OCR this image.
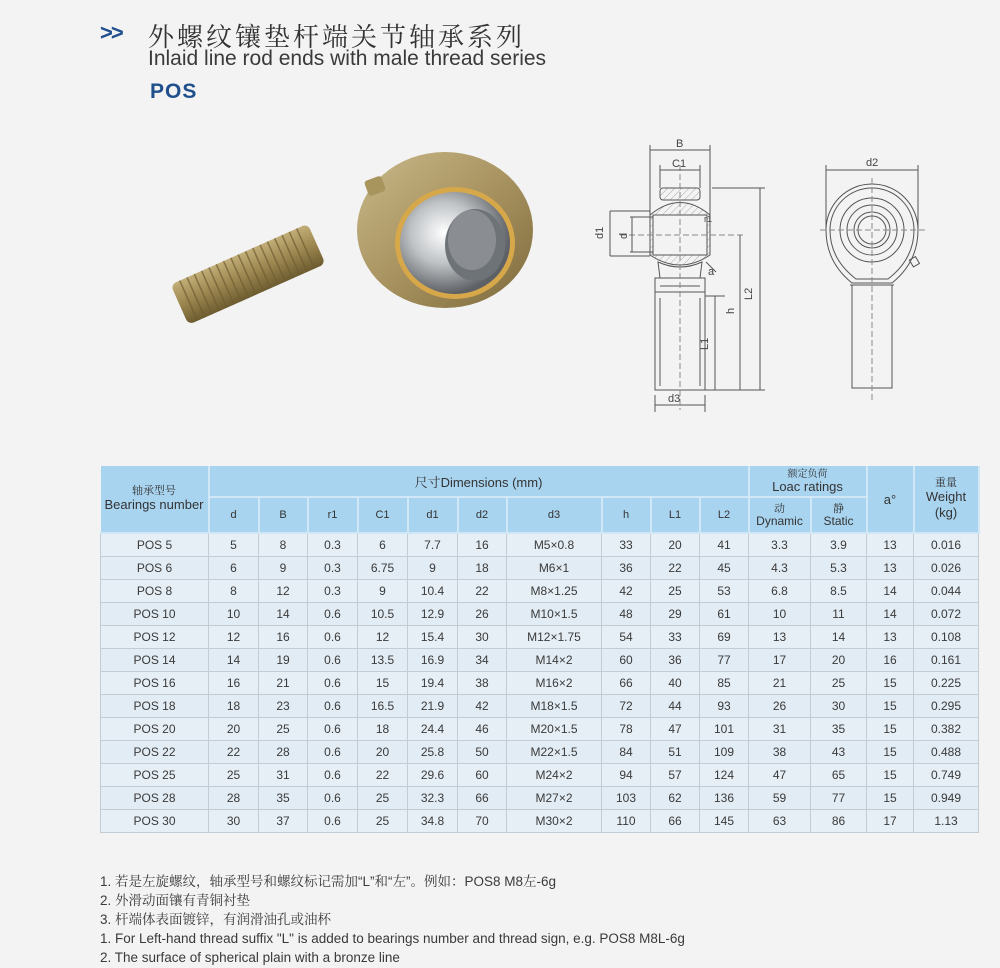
>> 外螺纹镶垫杆端关节轴承系列
Inlaid line rod ends with male thread series
POS
B
C1
r1
d1 d
a
h
L2
L1
d3
d2
轴承型号
Bearings number	尺寸Dimensions (mm)										额定负荷
Loac ratings		a°	重量
Weight (kg)

	d	B	r1	C1	d1	d2	d3	h	L1	L2	动
Dynamic	静
Static		
POS 5	5	8	0.3	6	7.7	16	M5×0.8	33	20	41	3.3	3.9	13	0.016
POS 6	6	9	0.3	6.75	9	18	M6×1	36	22	45	4.3	5.3	13	0.026
POS 8	8	12	0.3	9	10.4	22	M8×1.25	42	25	53	6.8	8.5	14	0.044
POS 10	10	14	0.6	10.5	12.9	26	M10×1.5	48	29	61	10	11	14	0.072
POS 12	12	16	0.6	12	15.4	30	M12×1.75	54	33	69	13	14	13	0.108
POS 14	14	19	0.6	13.5	16.9	34	M14×2	60	36	77	17	20	16	0.161
POS 16	16	21	0.6	15	19.4	38	M16×2	66	40	85	21	25	15	0.225
POS 18	18	23	0.6	16.5	21.9	42	M18×1.5	72	44	93	26	30	15	0.295
POS 20	20	25	0.6	18	24.4	46	M20×1.5	78	47	101	31	35	15	0.382
POS 22	22	28	0.6	20	25.8	50	M22×1.5	84	51	109	38	43	15	0.488
POS 25	25	31	0.6	22	29.6	60	M24×2	94	57	124	47	65	15	0.749
POS 28	28	35	0.6	25	32.3	66	M27×2	103	62	136	59	77	15	0.949
POS 30	30	37	0.6	25	34.8	70	M30×2	110	66	145	63	86	17	1.13
1. 若是左旋螺纹，轴承型号和螺纹标记需加“L”和“左”。例如：POS8 M8左-6g
2. 外滑动面镶有青铜衬垫
3. 杆端体表面镀锌，有润滑油孔或油杯
1. For Left-hand thread suffix "L" is added to bearings number and thread sign, e.g. POS8 M8L-6g
2. The surface of spherical plain with a bronze line
